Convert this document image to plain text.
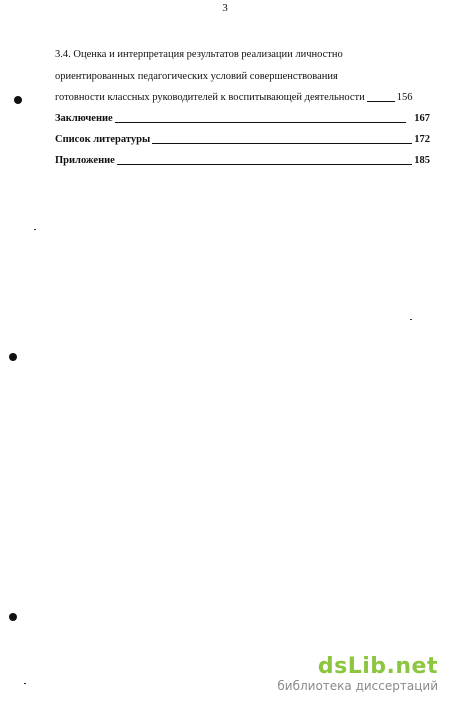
3
3.4. Оценка и интерпретация результатов реализации личностно
ориентированных педагогических условий совершенствования
готовности классных руководителей к воспитывающей деятельности	156
Заключение	167
Список литературы	172
Приложение	185
dsLib.net
библиотека диссертаций
